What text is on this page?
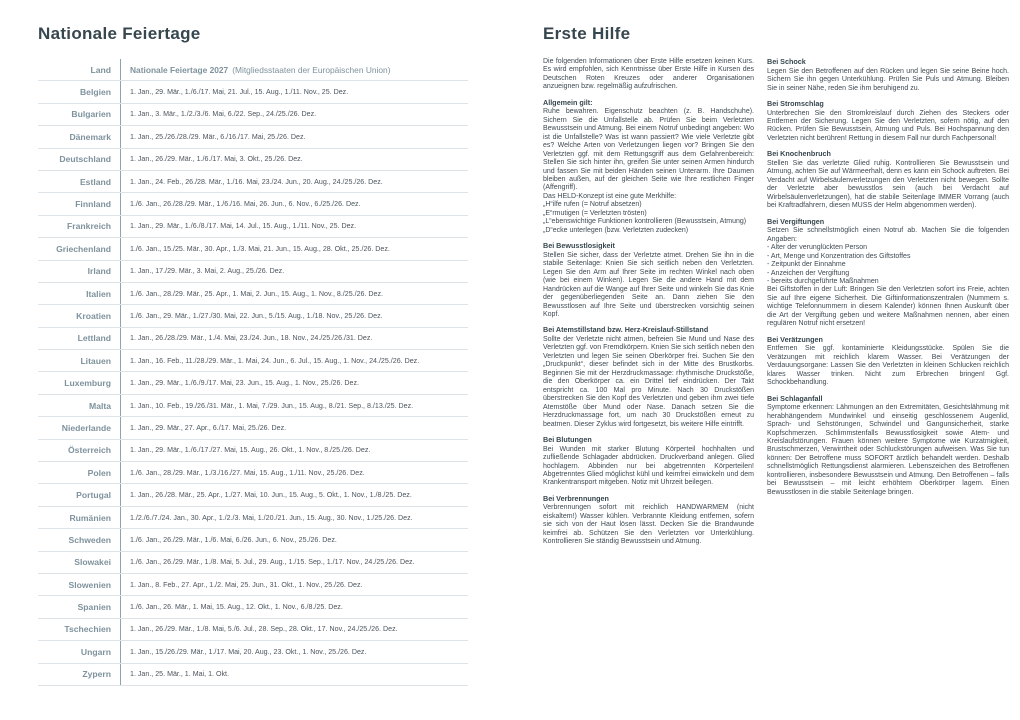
Nationale Feiertage
Land	Nationale Feiertage 2027 (Mitgliedsstaaten der Europäischen Union)
Belgien	1. Jan., 29. Mär., 1./6./17. Mai, 21. Jul., 15. Aug., 1./11. Nov., 25. Dez.
Bulgarien	1. Jan., 3. Mär., 1./2./3./6. Mai, 6./22. Sep., 24./25./26. Dez.
Dänemark	1. Jan., 25./26./28./29. Mär., 6./16./17. Mai, 25./26. Dez.
Deutschland	1. Jan., 26./29. Mär., 1./6./17. Mai, 3. Okt., 25./26. Dez.
Estland	1. Jan., 24. Feb., 26./28. Mär., 1./16. Mai, 23./24. Jun., 20. Aug., 24./25./26. Dez.
Finnland	1./6. Jan., 26./28./29. Mär., 1./6./16. Mai, 26. Jun., 6. Nov., 6./25./26. Dez.
Frankreich	1. Jan., 29. Mär., 1./6./8./17. Mai, 14. Jul., 15. Aug., 1./11. Nov., 25. Dez.
Griechenland	1./6. Jan., 15./25. Mär., 30. Apr., 1./3. Mai, 21. Jun., 15. Aug., 28. Okt., 25./26. Dez.
Irland	1. Jan., 17./29. Mär., 3. Mai, 2. Aug., 25./26. Dez.
Italien	1./6. Jan., 28./29. Mär., 25. Apr., 1. Mai, 2. Jun., 15. Aug., 1. Nov., 8./25./26. Dez.
Kroatien	1./6. Jan., 29. Mär., 1./27./30. Mai, 22. Jun., 5./15. Aug., 1./18. Nov., 25./26. Dez.
Lettland	1. Jan., 26./28./29. Mär., 1./4. Mai, 23./24. Jun., 18. Nov., 24./25./26./31. Dez.
Litauen	1. Jan., 16. Feb., 11./28./29. Mär., 1. Mai, 24. Jun., 6. Jul., 15. Aug., 1. Nov., 24./25./26. Dez.
Luxemburg	1. Jan., 29. Mär., 1./6./9./17. Mai, 23. Jun., 15. Aug., 1. Nov., 25./26. Dez.
Malta	1. Jan., 10. Feb., 19./26./31. Mär., 1. Mai, 7./29. Jun., 15. Aug., 8./21. Sep., 8./13./25. Dez.
Niederlande	1. Jan., 29. Mär., 27. Apr., 6./17. Mai, 25./26. Dez.
Österreich	1. Jan., 29. Mär., 1./6./17./27. Mai, 15. Aug., 26. Okt., 1. Nov., 8./25./26. Dez.
Polen	1./6. Jan., 28./29. Mär., 1./3./16./27. Mai, 15. Aug., 1./11. Nov., 25./26. Dez.
Portugal	1. Jan., 26./28. Mär., 25. Apr., 1./27. Mai, 10. Jun., 15. Aug., 5. Okt., 1. Nov., 1./8./25. Dez.
Rumänien	1./2./6./7./24. Jan., 30. Apr., 1./2./3. Mai, 1./20./21. Jun., 15. Aug., 30. Nov., 1./25./26. Dez.
Schweden	1./6. Jan., 26./29. Mär., 1./6. Mai, 6./26. Jun., 6. Nov., 25./26. Dez.
Slowakei	1./6. Jan., 26./29. Mär., 1./8. Mai, 5. Jul., 29. Aug., 1./15. Sep., 1./17. Nov., 24./25./26. Dez.
Slowenien	1. Jan., 8. Feb., 27. Apr., 1./2. Mai, 25. Jun., 31. Okt., 1. Nov., 25./26. Dez.
Spanien	1./6. Jan., 26. Mär., 1. Mai, 15. Aug., 12. Okt., 1. Nov., 6./8./25. Dez.
Tschechien	1. Jan., 26./29. Mär., 1./8. Mai, 5./6. Jul., 28. Sep., 28. Okt., 17. Nov., 24./25./26. Dez.
Ungarn	1. Jan., 15./26./29. Mär., 1./17. Mai, 20. Aug., 23. Okt., 1. Nov., 25./26. Dez.
Zypern	1. Jan., 25. Mär., 1. Mai, 1. Okt.
Erste Hilfe
Die folgenden Informationen über Erste Hilfe ersetzen keinen Kurs. Es wird empfohlen, sich Kenntnisse über Erste Hilfe in Kursen des Deutschen Roten Kreuzes oder anderer Organisationen anzueignen bzw. regelmäßig aufzufrischen.
Allgemein gilt:
Ruhe bewahren. Eigenschutz beachten (z. B. Handschuhe). Sichern Sie die Unfallstelle ab. Prüfen Sie beim Verletzten Bewusstsein und Atmung. Bei einem Notruf unbedingt angeben: Wo ist die Unfallstelle? Was ist wann passiert? Wie viele Verletzte gibt es? Welche Arten von Verletzungen liegen vor? Bringen Sie den Verletzten ggf. mit dem Rettungsgriff aus dem Gefahrenbereich: Stellen Sie sich hinter ihn, greifen Sie unter seinen Armen hindurch und fassen Sie mit beiden Händen seinen Unterarm. Ihre Daumen bleiben außen, auf der gleichen Seite wie Ihre restlichen Finger (Affengriff).
Das HELD-Konzept ist eine gute Merkhilfe:
„H“ilfe rufen (= Notruf absetzen)
„E“rmutigen (= Verletzten trösten)
„L“ebenswichtige Funktionen kontrollieren (Bewusstsein, Atmung)
„D“ecke unterlegen (bzw. Verletzten zudecken)
Bei Bewusstlosigkeit
Stellen Sie sicher, dass der Verletzte atmet. Drehen Sie ihn in die stabile Seitenlage: Knien Sie sich seitlich neben den Verletzten. Legen Sie den Arm auf Ihrer Seite im rechten Winkel nach oben (wie bei einem Winken). Legen Sie die andere Hand mit dem Handrücken auf die Wange auf Ihrer Seite und winkeln Sie das Knie der gegenüberliegenden Seite an. Dann ziehen Sie den Bewusstlosen auf Ihre Seite und überstrecken vorsichtig seinen Kopf.
Bei Atemstillstand bzw. Herz-Kreislauf-Stillstand
Sollte der Verletzte nicht atmen, befreien Sie Mund und Nase des Verletzten ggf. von Fremdkörpern. Knien Sie sich seitlich neben den Verletzten und legen Sie seinen Oberkörper frei. Suchen Sie den „Druckpunkt“, dieser befindet sich in der Mitte des Brustkorbs. Beginnen Sie mit der Herzdruckmassage: rhythmische Druckstöße, die den Oberkörper ca. ein Drittel tief eindrücken. Der Takt entspricht ca. 100 Mal pro Minute. Nach 30 Druckstößen überstrecken Sie den Kopf des Verletzten und geben ihm zwei tiefe Atemstöße über Mund oder Nase. Danach setzen Sie die Herzdruckmassage fort, um nach 30 Druckstößen erneut zu beatmen. Dieser Zyklus wird fortgesetzt, bis weitere Hilfe eintrifft.
Bei Blutungen
Bei Wunden mit starker Blutung Körperteil hochhalten und zufließende Schlagader abdrücken. Druckverband anlegen. Glied hochlagern. Abbinden nur bei abgetrennten Körperteilen! Abgetrenntes Glied möglichst kühl und keimfrei einwickeln und dem Krankentransport mitgeben. Notiz mit Uhrzeit beilegen.
Bei Verbrennungen
Verbrennungen sofort mit reichlich HANDWARMEM (nicht eiskaltem!) Wasser kühlen. Verbrannte Kleidung entfernen, sofern sie sich von der Haut lösen lässt. Decken Sie die Brandwunde keimfrei ab. Schützen Sie den Verletzten vor Unterkühlung. Kontrollieren Sie ständig Bewusstsein und Atmung.
Bei Schock
Legen Sie den Betroffenen auf den Rücken und legen Sie seine Beine hoch. Sichern Sie ihn gegen Unterkühlung. Prüfen Sie Puls und Atmung. Bleiben Sie in seiner Nähe, reden Sie ihm beruhigend zu.
Bei Stromschlag
Unterbrechen Sie den Stromkreislauf durch Ziehen des Steckers oder Entfernen der Sicherung. Legen Sie den Verletzten, sofern nötig, auf den Rücken. Prüfen Sie Bewusstsein, Atmung und Puls. Bei Hochspannung den Verletzten nicht berühren! Rettung in diesem Fall nur durch Fachpersonal!
Bei Knochenbruch
Stellen Sie das verletzte Glied ruhig. Kontrollieren Sie Bewusstsein und Atmung, achten Sie auf Wärmeerhalt, denn es kann ein Schock auftreten. Bei Verdacht auf Wirbelsäulenverletzungen den Verletzten nicht bewegen. Sollte der Verletzte aber bewusstlos sein (auch bei Verdacht auf Wirbelsäulenverletzungen), hat die stabile Seitenlage IMMER Vorrang (auch bei Kraftradfahrern, diesen MUSS der Helm abgenommen werden).
Bei Vergiftungen
Setzen Sie schnellstmöglich einen Notruf ab. Machen Sie die folgenden Angaben:
- Alter der verunglückten Person
- Art, Menge und Konzentration des Giftstoffes
- Zeitpunkt der Einnahme
- Anzeichen der Vergiftung
- bereits durchgeführte Maßnahmen
Bei Giftstoffen in der Luft: Bringen Sie den Verletzten sofort ins Freie, achten Sie auf Ihre eigene Sicherheit. Die Giftinformationszentralen (Nummern s. wichtige Telefonnummern in diesem Kalender) können Ihnen Auskunft über die Art der Vergiftung geben und weitere Maßnahmen nennen, aber einen regulären Notruf nicht ersetzen!
Bei Verätzungen
Entfernen Sie ggf. kontaminierte Kleidungsstücke. Spülen Sie die Verätzungen mit reichlich klarem Wasser. Bei Verätzungen der Verdauungsorgane: Lassen Sie den Verletzten in kleinen Schlucken reichlich klares Wasser trinken. Nicht zum Erbrechen bringen! Ggf. Schockbehandlung.
Bei Schlaganfall
Symptome erkennen: Lähmungen an den Extremitäten, Gesichtslähmung mit herabhängendem Mundwinkel und einseitig geschlossenem Augenlid, Sprach- und Sehstörungen, Schwindel und Gangunsicherheit, starke Kopfschmerzen. Schlimmstenfalls Bewusstlosigkeit sowie Atem- und Kreislaufstörungen. Frauen können weitere Symptome wie Kurzatmigkeit, Brustschmerzen, Verwirrtheit oder Schluckstörungen aufweisen. Was Sie tun können: Der Betroffene muss SOFORT ärztlich behandelt werden. Deshalb schnellstmöglich Rettungsdienst alarmieren. Lebenszeichen des Betroffenen kontrollieren, insbesondere Bewusstsein und Atmung. Den Betroffenen – falls bei Bewusstsein – mit leicht erhöhtem Oberkörper lagern. Einen Bewusstlosen in die stabile Seitenlage bringen.
